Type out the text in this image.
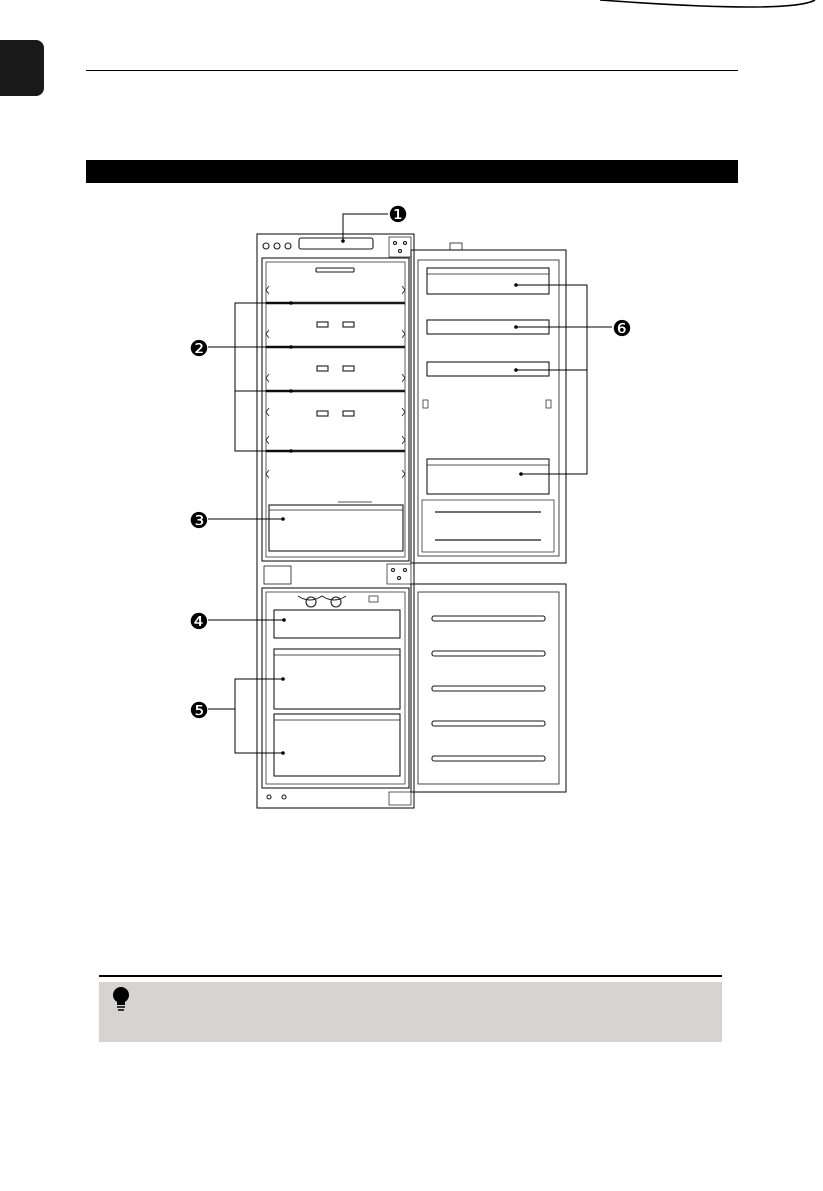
❶
❷
❸
❹
❺
❻
